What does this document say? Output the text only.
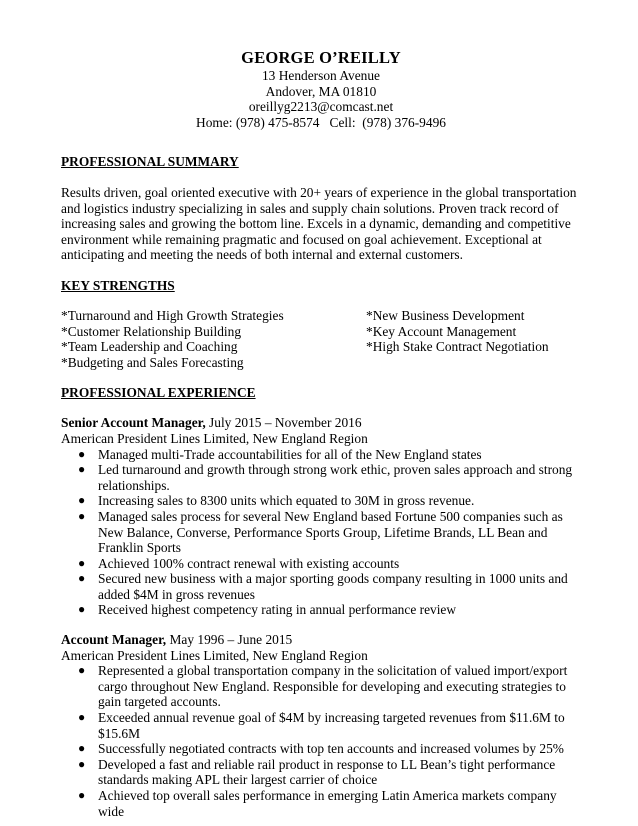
GEORGE O’REILLY
13 Henderson Avenue
Andover, MA 01810
oreillyg2213@comcast.net
Home: (978) 475-8574   Cell:  (978) 376-9496
PROFESSIONAL SUMMARY

Results driven, goal oriented executive with 20+ years of experience in the global transportation and logistics industry specializing in sales and supply chain solutions. Proven track record of increasing sales and growing the bottom line. Excels in a dynamic, demanding and competitive environment while remaining pragmatic and focused on goal achievement. Exceptional at anticipating and meeting the needs of both internal and external customers.

KEY STRENGTHS
*Turnaround and High Growth Strategies	*New Business Development
*Customer Relationship Building	*Key Account Management
*Team Leadership and Coaching	*High Stake Contract Negotiation
*Budgeting and Sales Forecasting
PROFESSIONAL EXPERIENCE
Senior Account Manager, July 2015 – November 2016
American President Lines Limited, New England Region
● Managed multi-Trade accountabilities for all of the New England states
● Led turnaround and growth through strong work ethic, proven sales approach and strong relationships.
● Increasing sales to 8300 units which equated to 30M in gross revenue.
● Managed sales process for several New England based Fortune 500 companies such as New Balance, Converse, Performance Sports Group, Lifetime Brands, LL Bean and Franklin Sports
● Achieved 100% contract renewal with existing accounts
● Secured new business with a major sporting goods company resulting in 1000 units and added $4M in gross revenues
● Received highest competency rating in annual performance review
Account Manager, May 1996 – June 2015
American President Lines Limited, New England Region
● Represented a global transportation company in the solicitation of valued import/export cargo throughout New England. Responsible for developing and executing strategies to gain targeted accounts.
● Exceeded annual revenue goal of $4M by increasing targeted revenues from $11.6M to $15.6M
● Successfully negotiated contracts with top ten accounts and increased volumes by 25%
● Developed a fast and reliable rail product in response to LL Bean’s tight performance standards making APL their largest carrier of choice
● Achieved top overall sales performance in emerging Latin America markets company wide
